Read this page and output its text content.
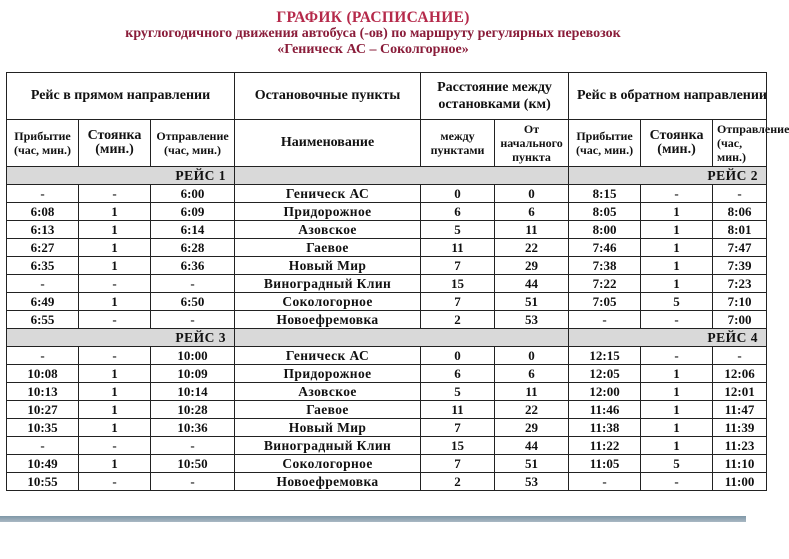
ГРАФИК (РАСПИСАНИЕ)
круглогодичного движения автобуса (-ов) по маршруту регулярных перевозок
«Геническ АС – Соколгорное»
Рейс в прямом направлении			Остановочные пункты	Расстояние между остановками (км)		Рейс в обратном направлении		
Прибытие (час, мин.)	Стоянка (мин.)	Отправление (час, мин.)	Наименование	между пунктами	От начального пункта	Прибытие (час, мин.)	Стоянка (мин.)	Отправление (час, мин.)
РЕЙС 1						РЕЙС 2		
-	-	6:00	Геническ АС	0	0	8:15	-	-
6:08	1	6:09	Придорожное	6	6	8:05	1	8:06
6:13	1	6:14	Азовское	5	11	8:00	1	8:01
6:27	1	6:28	Гаевое	11	22	7:46	1	7:47
6:35	1	6:36	Новый Мир	7	29	7:38	1	7:39
-	-	-	Виноградный Клин	15	44	7:22	1	7:23
6:49	1	6:50	Сокологорное	7	51	7:05	5	7:10
6:55	-	-	Новоефремовка	2	53	-	-	7:00
РЕЙС 3						РЕЙС 4		
-	-	10:00	Геническ АС	0	0	12:15	-	-
10:08	1	10:09	Придорожное	6	6	12:05	1	12:06
10:13	1	10:14	Азовское	5	11	12:00	1	12:01
10:27	1	10:28	Гаевое	11	22	11:46	1	11:47
10:35	1	10:36	Новый Мир	7	29	11:38	1	11:39
-	-	-	Виноградный Клин	15	44	11:22	1	11:23
10:49	1	10:50	Сокологорное	7	51	11:05	5	11:10
10:55	-	-	Новоефремовка	2	53	-	-	11:00
